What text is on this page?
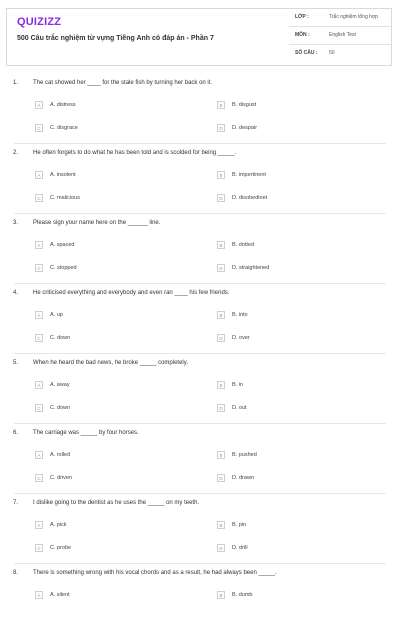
QUIZIZZ
500 Câu trắc nghiệm từ vựng Tiếng Anh có đáp án - Phần 7
LỚP :	Trắc nghiệm tổng hợp
MÔN :	English Test
SỐ CÂU : 50
1. The cat showed her ____ for the stale fish by turning her back on it.
A	A. distress	B	B. disgust
C	C. disgrace	D	D. despair
2. He often forgets to do what he has been told and is scolded for being _____.
A	A. insolent	B	B. impertinent
C	C. malicious	D	D. disobedinet
3. Please sign your name here on the ______ line.
A	A. spaced	B	B. dotted
C	C. stopped	D	D. straightened
4. He criticised everything and everybody and even ran ____ his few friends.
A	A. up	B	B. into
C	C. down	D	D. over
5. When he heard the bad news, he broke _____ completely.
A	A. away	B	B. in
C	C. down	D	D. out
6. The carriage was _____ by four horses.
A	A. rolled	B	B. pushed
C	C. driven	D	D. drawn
7. I dislike going to the dentist as he uses the _____ on my teeth.
A	A. pick	B	B. pin
C	C. probe	D	D. drill
8. There is something wrong with his vocal chords and as a result, he had always been _____.
A	A. silent	B	B. dumb
